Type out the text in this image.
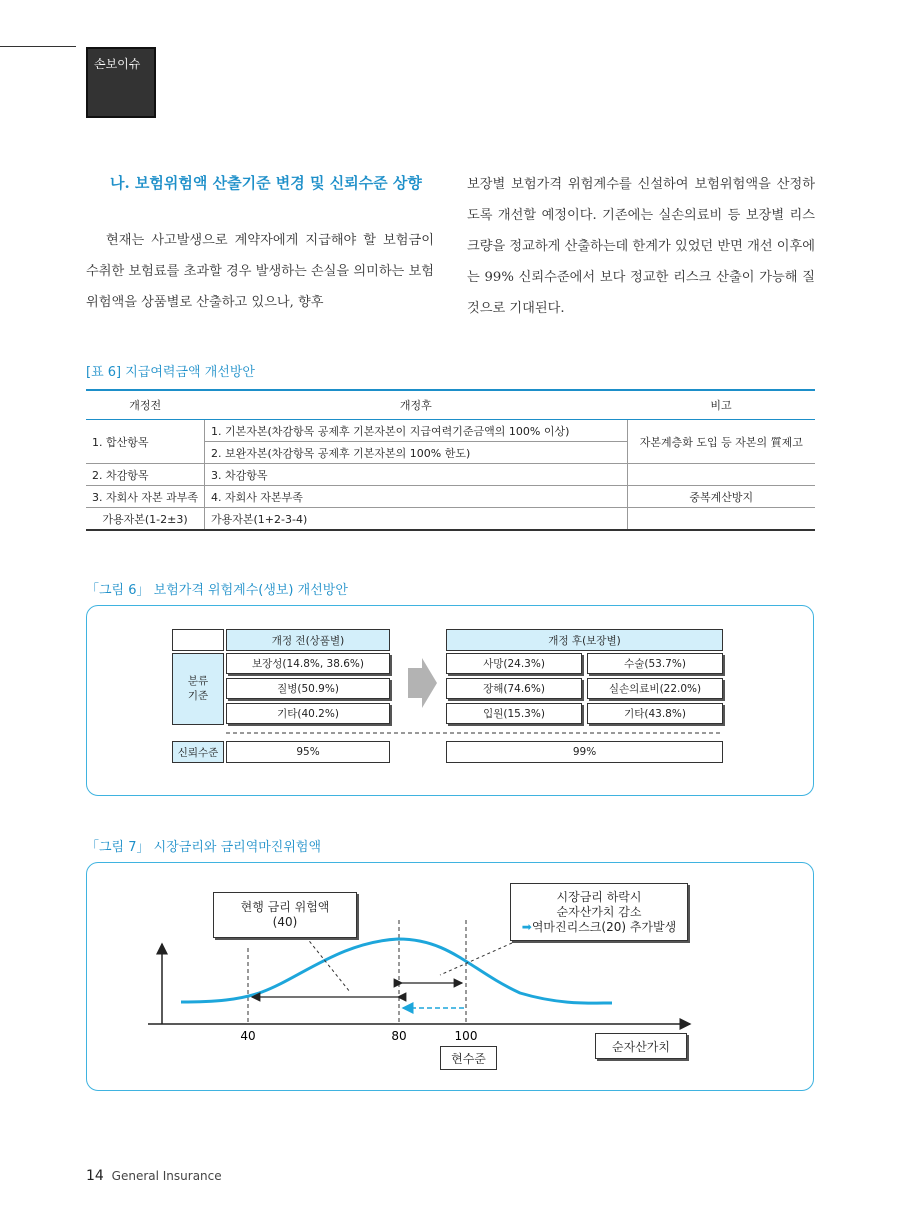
손보이슈
나. 보험위험액 산출기준 변경 및 신뢰수준 상향
현재는 사고발생으로 계약자에게 지급해야 할 보험금이 수취한 보험료를 초과할 경우 발생하는 손실을 의미하는 보험위험액을 상품별로 산출하고 있으나, 향후
보장별 보험가격 위험계수를 신설하여 보험위험액을 산정하도록 개선할 예정이다. 기존에는 실손의료비 등 보장별 리스크량을 정교하게 산출하는데 한계가 있었던 반면 개선 이후에는 99% 신뢰수준에서 보다 정교한 리스크 산출이 가능해 질 것으로 기대된다.
[표 6] 지급여력금액 개선방안
개정전	개정후	비고
1. 합산항목	1. 기본자본(차감항목 공제후 기본자본이 지급여력기준금액의 100% 이상)	자본계층화 도입 등 자본의 質제고
	2. 보완자본(차감항목 공제후 기본자본의 100% 한도)	
2. 차감항목	3. 차감항목	
3. 자회사 자본 과부족	4. 자회사 자본부족	중복계산방지
가용자본(1-2±3)	가용자본(1+2-3-4)	
「그림 6」 보험가격 위험계수(생보) 개선방안
개정 전(상품별)	개정 후(보장별)
분류
기준
보장성(14.8%, 38.6%)
질병(50.9%)
기타(40.2%)
사망(24.3%)
장해(74.6%)
입원(15.3%)
수술(53.7%)
실손의료비(22.0%)
기타(43.8%)
신뢰수준	95%	99%
「그림 7」 시장금리와 금리역마진위험액
40	80	100
현행 금리 위험액
(40)
시장금리 하락시
순자산가치 감소
➡역마진리스크(20) 추가발생
현수준
순자산가치
14 General Insurance
